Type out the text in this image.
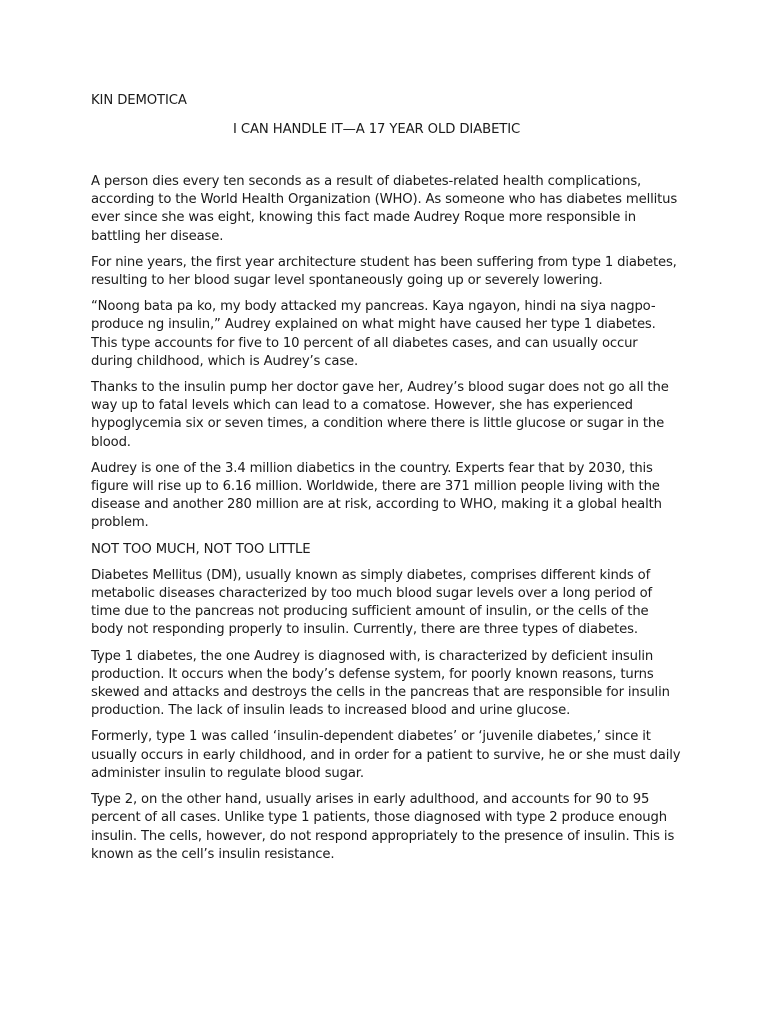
KIN DEMOTICA

I CAN HANDLE IT—A 17 YEAR OLD DIABETIC

A person dies every ten seconds as a result of diabetes-related health complications, according to the World Health Organization (WHO). As someone who has diabetes mellitus ever since she was eight, knowing this fact made Audrey Roque more responsible in battling her disease.

For nine years, the first year architecture student has been suffering from type 1 diabetes, resulting to her blood sugar level spontaneously going up or severely lowering.

“Noong bata pa ko, my body attacked my pancreas. Kaya ngayon, hindi na siya nagpo-produce ng insulin,” Audrey explained on what might have caused her type 1 diabetes. This type accounts for five to 10 percent of all diabetes cases, and can usually occur during childhood, which is Audrey’s case.

Thanks to the insulin pump her doctor gave her, Audrey’s blood sugar does not go all the way up to fatal levels which can lead to a comatose. However, she has experienced hypoglycemia six or seven times, a condition where there is little glucose or sugar in the blood.

Audrey is one of the 3.4 million diabetics in the country. Experts fear that by 2030, this figure will rise up to 6.16 million. Worldwide, there are 371 million people living with the disease and another 280 million are at risk, according to WHO, making it a global health problem.

NOT TOO MUCH, NOT TOO LITTLE

Diabetes Mellitus (DM), usually known as simply diabetes, comprises different kinds of metabolic diseases characterized by too much blood sugar levels over a long period of time due to the pancreas not producing sufficient amount of insulin, or the cells of the body not responding properly to insulin. Currently, there are three types of diabetes.

Type 1 diabetes, the one Audrey is diagnosed with, is characterized by deficient insulin production. It occurs when the body’s defense system, for poorly known reasons, turns skewed and attacks and destroys the cells in the pancreas that are responsible for insulin production. The lack of insulin leads to increased blood and urine glucose.

Formerly, type 1 was called ‘insulin-dependent diabetes’ or ‘juvenile diabetes,’ since it usually occurs in early childhood, and in order for a patient to survive, he or she must daily administer insulin to regulate blood sugar.

Type 2, on the other hand, usually arises in early adulthood, and accounts for 90 to 95 percent of all cases. Unlike type 1 patients, those diagnosed with type 2 produce enough insulin. The cells, however, do not respond appropriately to the presence of insulin. This is known as the cell’s insulin resistance.
